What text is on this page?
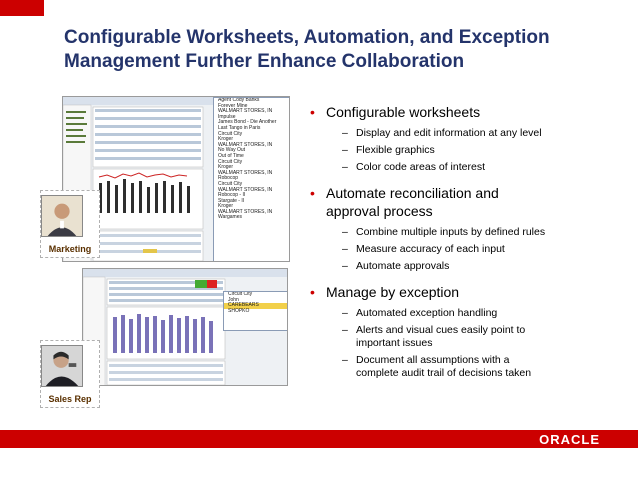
Configurable Worksheets, Automation, and Exception
Management Further Enhance Collaboration
Agent Cody Banks
Forever Mine
WALMART STORES, IN
Impulse
James Bond - Die Another
Last Tango in Paris
Circuit City
Kroger
WALMART STORES, IN
No Way Out
Out of Time
Circuit City
Kroger
WALMART STORES, IN
Robocop
Circuit City
WALMART STORES, IN
Robocop - II
Stargate - II
Kroger
WALMART STORES, IN
Wargames
Circuit City
John
CAREBEARS
SHOPKO
Marketing
Sales Rep
• Configurable worksheets
– Display and edit information at any level
– Flexible graphics
– Color code areas of interest
• Automate reconciliation and
approval process
– Combine multiple inputs by defined rules
– Measure accuracy of each input
– Automate approvals
• Manage by exception
– Automated exception handling
– Alerts and visual cues easily point to
important issues
– Document all assumptions with a
complete audit trail of decisions taken
ORACLE
